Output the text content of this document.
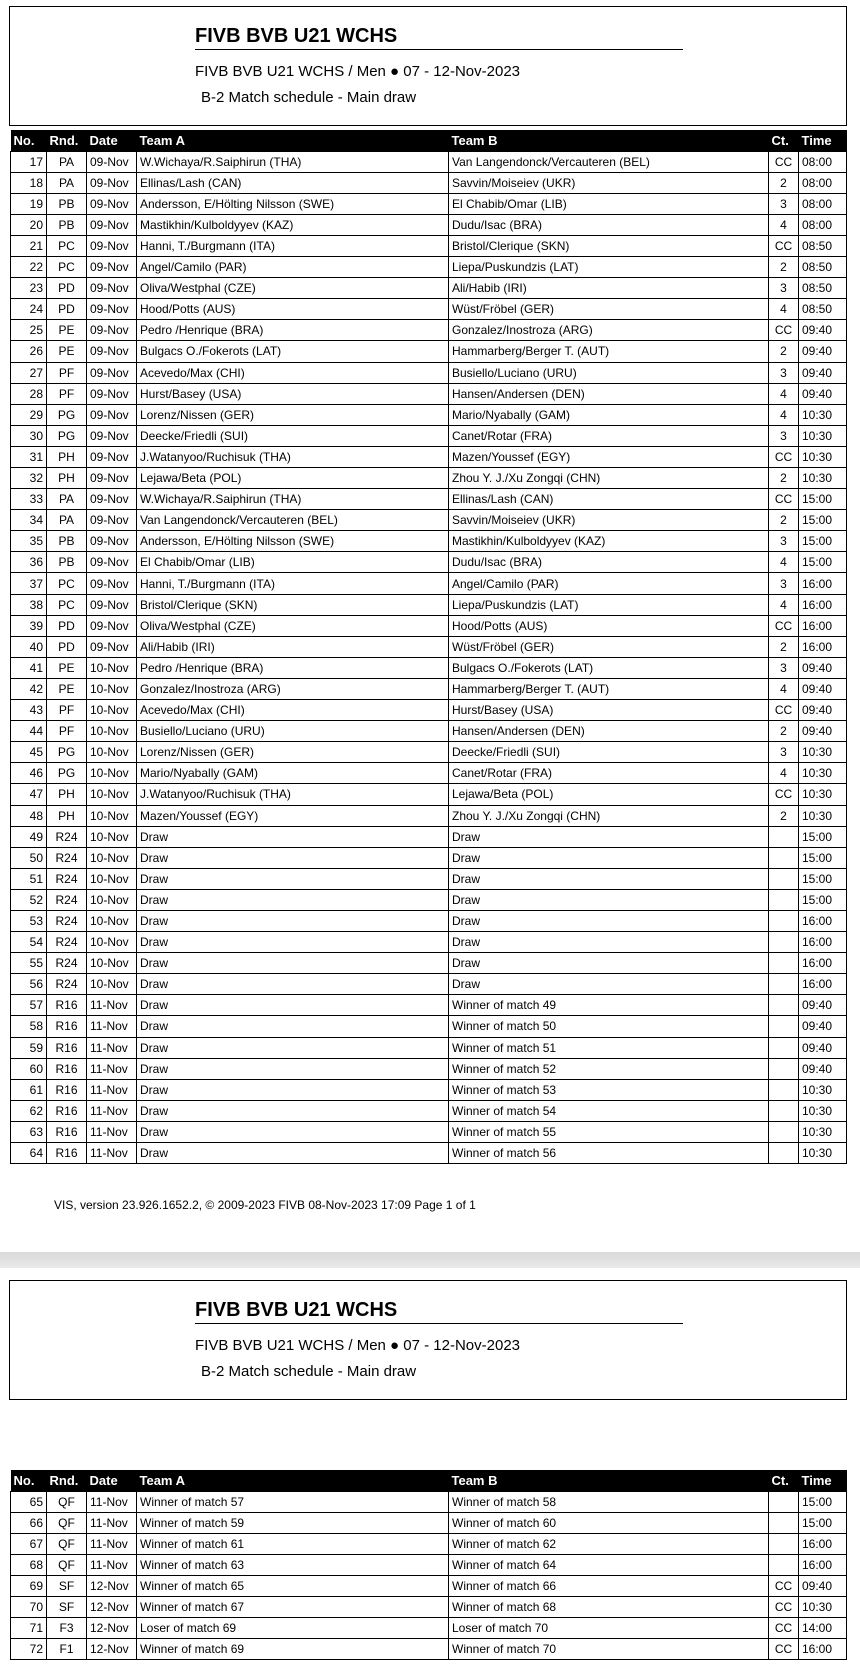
FIVB BVB U21 WCHS
FIVB BVB U21 WCHS / Men ● 07 - 12-Nov-2023
B-2 Match schedule - Main draw
No.	Rnd.	Date	Team A	Team B	Ct.	Time
17	PA	09-Nov	W.Wichaya/R.Saiphirun (THA)	Van Langendonck/Vercauteren (BEL)	CC	08:00
18	PA	09-Nov	Ellinas/Lash (CAN)	Savvin/Moiseiev (UKR)	2	08:00
19	PB	09-Nov	Andersson, E/Hölting Nilsson (SWE)	El Chabib/Omar (LIB)	3	08:00
20	PB	09-Nov	Mastikhin/Kulboldyyev (KAZ)	Dudu/Isac (BRA)	4	08:00
21	PC	09-Nov	Hanni, T./Burgmann (ITA)	Bristol/Clerique (SKN)	CC	08:50
22	PC	09-Nov	Angel/Camilo (PAR)	Liepa/Puskundzis (LAT)	2	08:50
23	PD	09-Nov	Oliva/Westphal (CZE)	Ali/Habib (IRI)	3	08:50
24	PD	09-Nov	Hood/Potts (AUS)	Wüst/Fröbel (GER)	4	08:50
25	PE	09-Nov	Pedro /Henrique (BRA)	Gonzalez/Inostroza (ARG)	CC	09:40
26	PE	09-Nov	Bulgacs O./Fokerots (LAT)	Hammarberg/Berger T. (AUT)	2	09:40
27	PF	09-Nov	Acevedo/Max (CHI)	Busiello/Luciano (URU)	3	09:40
28	PF	09-Nov	Hurst/Basey (USA)	Hansen/Andersen (DEN)	4	09:40
29	PG	09-Nov	Lorenz/Nissen (GER)	Mario/Nyabally (GAM)	4	10:30
30	PG	09-Nov	Deecke/Friedli (SUI)	Canet/Rotar (FRA)	3	10:30
31	PH	09-Nov	J.Watanyoo/Ruchisuk (THA)	Mazen/Youssef (EGY)	CC	10:30
32	PH	09-Nov	Lejawa/Beta (POL)	Zhou Y. J./Xu Zongqi (CHN)	2	10:30
33	PA	09-Nov	W.Wichaya/R.Saiphirun (THA)	Ellinas/Lash (CAN)	CC	15:00
34	PA	09-Nov	Van Langendonck/Vercauteren (BEL)	Savvin/Moiseiev (UKR)	2	15:00
35	PB	09-Nov	Andersson, E/Hölting Nilsson (SWE)	Mastikhin/Kulboldyyev (KAZ)	3	15:00
36	PB	09-Nov	El Chabib/Omar (LIB)	Dudu/Isac (BRA)	4	15:00
37	PC	09-Nov	Hanni, T./Burgmann (ITA)	Angel/Camilo (PAR)	3	16:00
38	PC	09-Nov	Bristol/Clerique (SKN)	Liepa/Puskundzis (LAT)	4	16:00
39	PD	09-Nov	Oliva/Westphal (CZE)	Hood/Potts (AUS)	CC	16:00
40	PD	09-Nov	Ali/Habib (IRI)	Wüst/Fröbel (GER)	2	16:00
41	PE	10-Nov	Pedro /Henrique (BRA)	Bulgacs O./Fokerots (LAT)	3	09:40
42	PE	10-Nov	Gonzalez/Inostroza (ARG)	Hammarberg/Berger T. (AUT)	4	09:40
43	PF	10-Nov	Acevedo/Max (CHI)	Hurst/Basey (USA)	CC	09:40
44	PF	10-Nov	Busiello/Luciano (URU)	Hansen/Andersen (DEN)	2	09:40
45	PG	10-Nov	Lorenz/Nissen (GER)	Deecke/Friedli (SUI)	3	10:30
46	PG	10-Nov	Mario/Nyabally (GAM)	Canet/Rotar (FRA)	4	10:30
47	PH	10-Nov	J.Watanyoo/Ruchisuk (THA)	Lejawa/Beta (POL)	CC	10:30
48	PH	10-Nov	Mazen/Youssef (EGY)	Zhou Y. J./Xu Zongqi (CHN)	2	10:30
49	R24	10-Nov	Draw	Draw		15:00
50	R24	10-Nov	Draw	Draw		15:00
51	R24	10-Nov	Draw	Draw		15:00
52	R24	10-Nov	Draw	Draw		15:00
53	R24	10-Nov	Draw	Draw		16:00
54	R24	10-Nov	Draw	Draw		16:00
55	R24	10-Nov	Draw	Draw		16:00
56	R24	10-Nov	Draw	Draw		16:00
57	R16	11-Nov	Draw	Winner of match 49		09:40
58	R16	11-Nov	Draw	Winner of match 50		09:40
59	R16	11-Nov	Draw	Winner of match 51		09:40
60	R16	11-Nov	Draw	Winner of match 52		09:40
61	R16	11-Nov	Draw	Winner of match 53		10:30
62	R16	11-Nov	Draw	Winner of match 54		10:30
63	R16	11-Nov	Draw	Winner of match 55		10:30
64	R16	11-Nov	Draw	Winner of match 56		10:30
VIS, version 23.926.1652.2, © 2009-2023 FIVB 08-Nov-2023 17:09 Page 1 of 1
FIVB BVB U21 WCHS
FIVB BVB U21 WCHS / Men ● 07 - 12-Nov-2023
B-2 Match schedule - Main draw
No.	Rnd.	Date	Team A	Team B	Ct.	Time
65	QF	11-Nov	Winner of match 57	Winner of match 58		15:00
66	QF	11-Nov	Winner of match 59	Winner of match 60		15:00
67	QF	11-Nov	Winner of match 61	Winner of match 62		16:00
68	QF	11-Nov	Winner of match 63	Winner of match 64		16:00
69	SF	12-Nov	Winner of match 65	Winner of match 66	CC	09:40
70	SF	12-Nov	Winner of match 67	Winner of match 68	CC	10:30
71	F3	12-Nov	Loser of match 69	Loser of match 70	CC	14:00
72	F1	12-Nov	Winner of match 69	Winner of match 70	CC	16:00
